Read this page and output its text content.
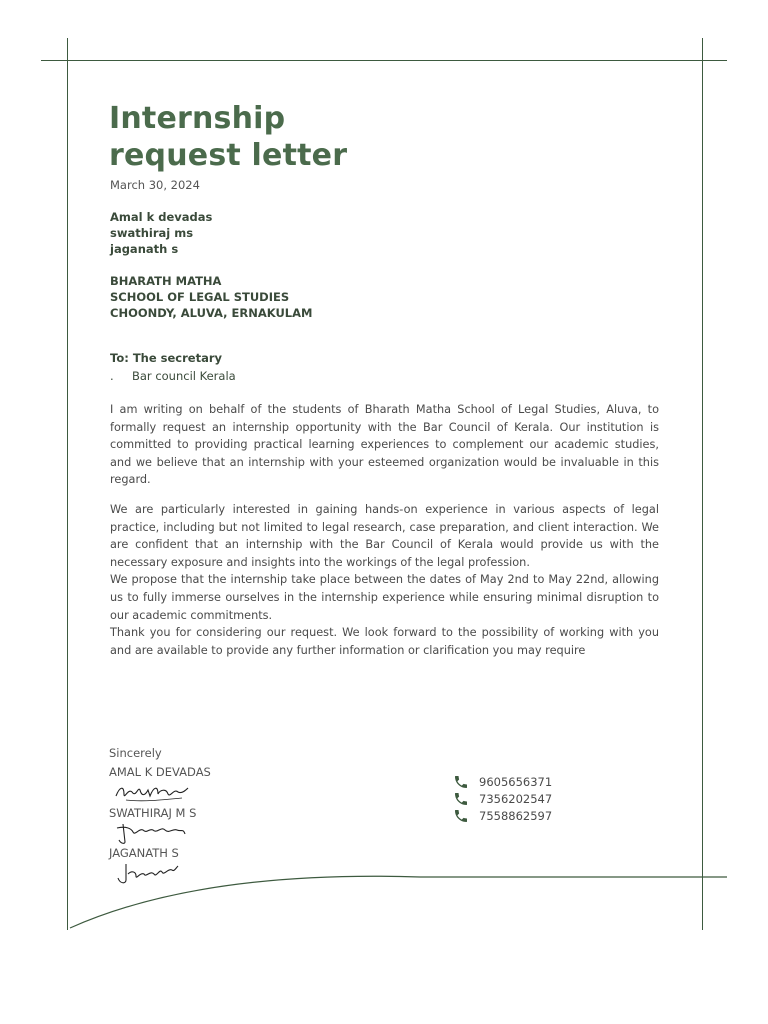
Internship
request letter
March 30, 2024
Amal k devadas
swathiraj ms
jaganath s
BHARATH MATHA
SCHOOL OF LEGAL STUDIES
CHOONDY, ALUVA, ERNAKULAM
To: The secretary
.	Bar council Kerala

I am writing on behalf of the students of Bharath Matha School of Legal Studies, Aluva, to formally request an internship opportunity with the Bar Council of Kerala. Our institution is committed to providing practical learning experiences to complement our academic studies, and we believe that an internship with your esteemed organization would be invaluable in this regard.

We are particularly interested in gaining hands-on experience in various aspects of legal practice, including but not limited to legal research, case preparation, and client interaction. We are confident that an internship with the Bar Council of Kerala would provide us with the necessary exposure and insights into the workings of the legal profession.

We propose that the internship take place between the dates of May 2nd to May 22nd, allowing us to fully immerse ourselves in the internship experience while ensuring minimal disruption to our academic commitments.

Thank you for considering our request. We look forward to the possibility of working with you and are available to provide any further information or clarification you may require

Sincerely
AMAL K DEVADAS
SWATHIRAJ M S
JAGANATH S
9605656371
7356202547
7558862597
